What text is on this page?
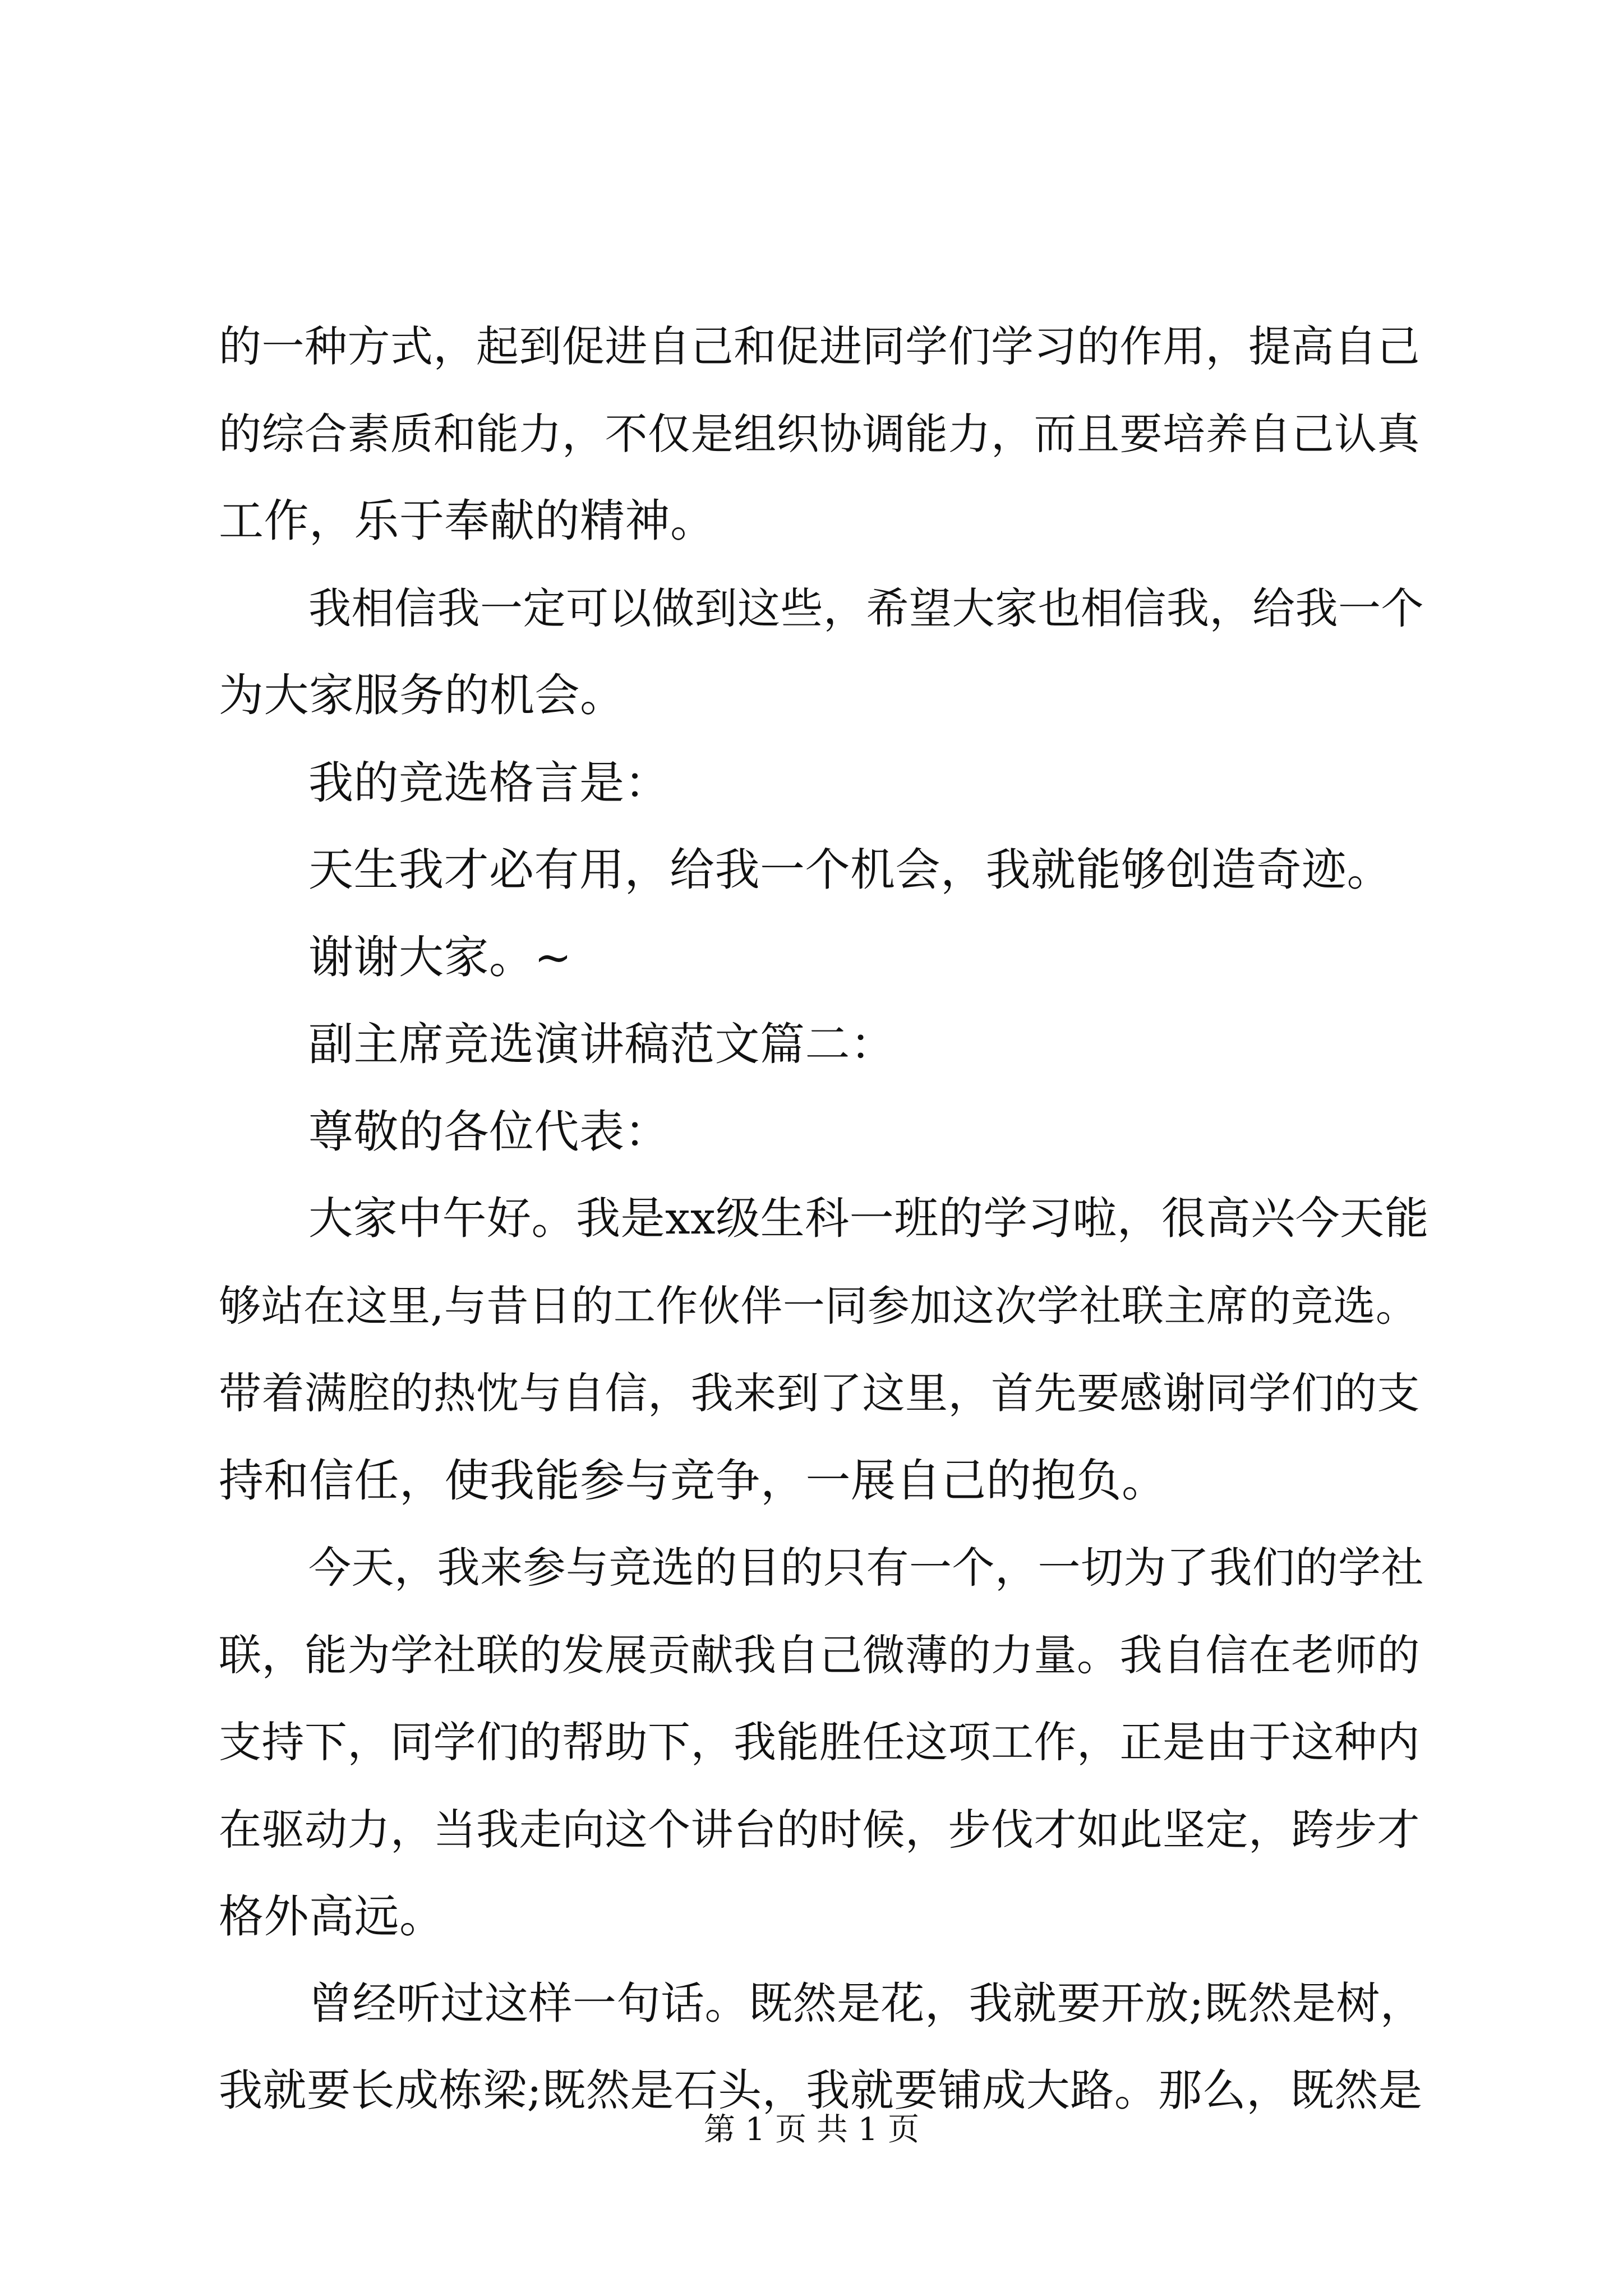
的一种方式，起到促进自己和促进同学们学习的作用，提高自己
的综合素质和能力，不仅是组织协调能力，而且要培养自己认真
工作，乐于奉献的精神。
我相信我一定可以做到这些，希望大家也相信我，给我一个
为大家服务的机会。
我的竞选格言是：
天生我才必有用，给我一个机会，我就能够创造奇迹。
谢谢大家。~
副主席竞选演讲稿范文篇二：
尊敬的各位代表：
大家中午好。我是xx级生科一班的学习啦，很高兴今天能
够站在这里,与昔日的工作伙伴一同参加这次学社联主席的竞选。
带着满腔的热忱与自信，我来到了这里，首先要感谢同学们的支
持和信任，使我能参与竞争，一展自己的抱负。
今天，我来参与竞选的目的只有一个，一切为了我们的学社
联，能为学社联的发展贡献我自己微薄的力量。我自信在老师的
支持下，同学们的帮助下，我能胜任这项工作，正是由于这种内
在驱动力，当我走向这个讲台的时候，步伐才如此坚定，跨步才
格外高远。
曾经听过这样一句话。既然是花，我就要开放;既然是树，
我就要长成栋梁;既然是石头，我就要铺成大路。那么，既然是
第 1 页 共 1 页
